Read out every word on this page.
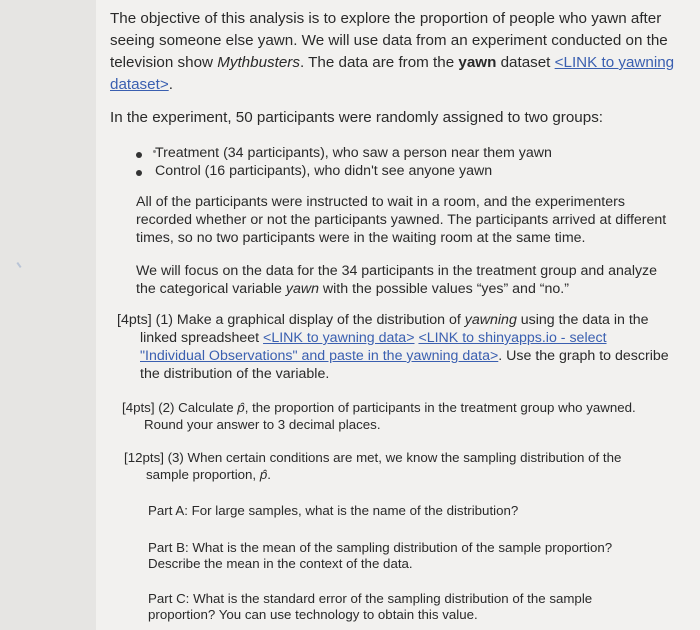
The objective of this analysis is to explore the proportion of people who yawn after
seeing someone else yawn. We will use data from an experiment conducted on the
television show Mythbusters. The data are from the yawn dataset <LINK to yawning
dataset>.
In the experiment, 50 participants were randomly assigned to two groups:
Treatment (34 participants), who saw a person near them yawn
Control (16 participants), who didn't see anyone yawn
All of the participants were instructed to wait in a room, and the experimenters
recorded whether or not the participants yawned. The participants arrived at different
times, so no two participants were in the waiting room at the same time.
We will focus on the data for the 34 participants in the treatment group and analyze
the categorical variable yawn with the possible values “yes” and “no.”
[4pts] (1) Make a graphical display of the distribution of yawning using the data in the
linked spreadsheet <LINK to yawning data> <LINK to shinyapps.io - select
"Individual Observations" and paste in the yawning data>. Use the graph to describe
the distribution of the variable.
[4pts] (2) Calculate p̂, the proportion of participants in the treatment group who yawned.
Round your answer to 3 decimal places.
[12pts] (3) When certain conditions are met, we know the sampling distribution of the
sample proportion, p̂.
Part A: For large samples, what is the name of the distribution?
Part B: What is the mean of the sampling distribution of the sample proportion?
Describe the mean in the context of the data.
Part C: What is the standard error of the sampling distribution of the sample
proportion? You can use technology to obtain this value.
